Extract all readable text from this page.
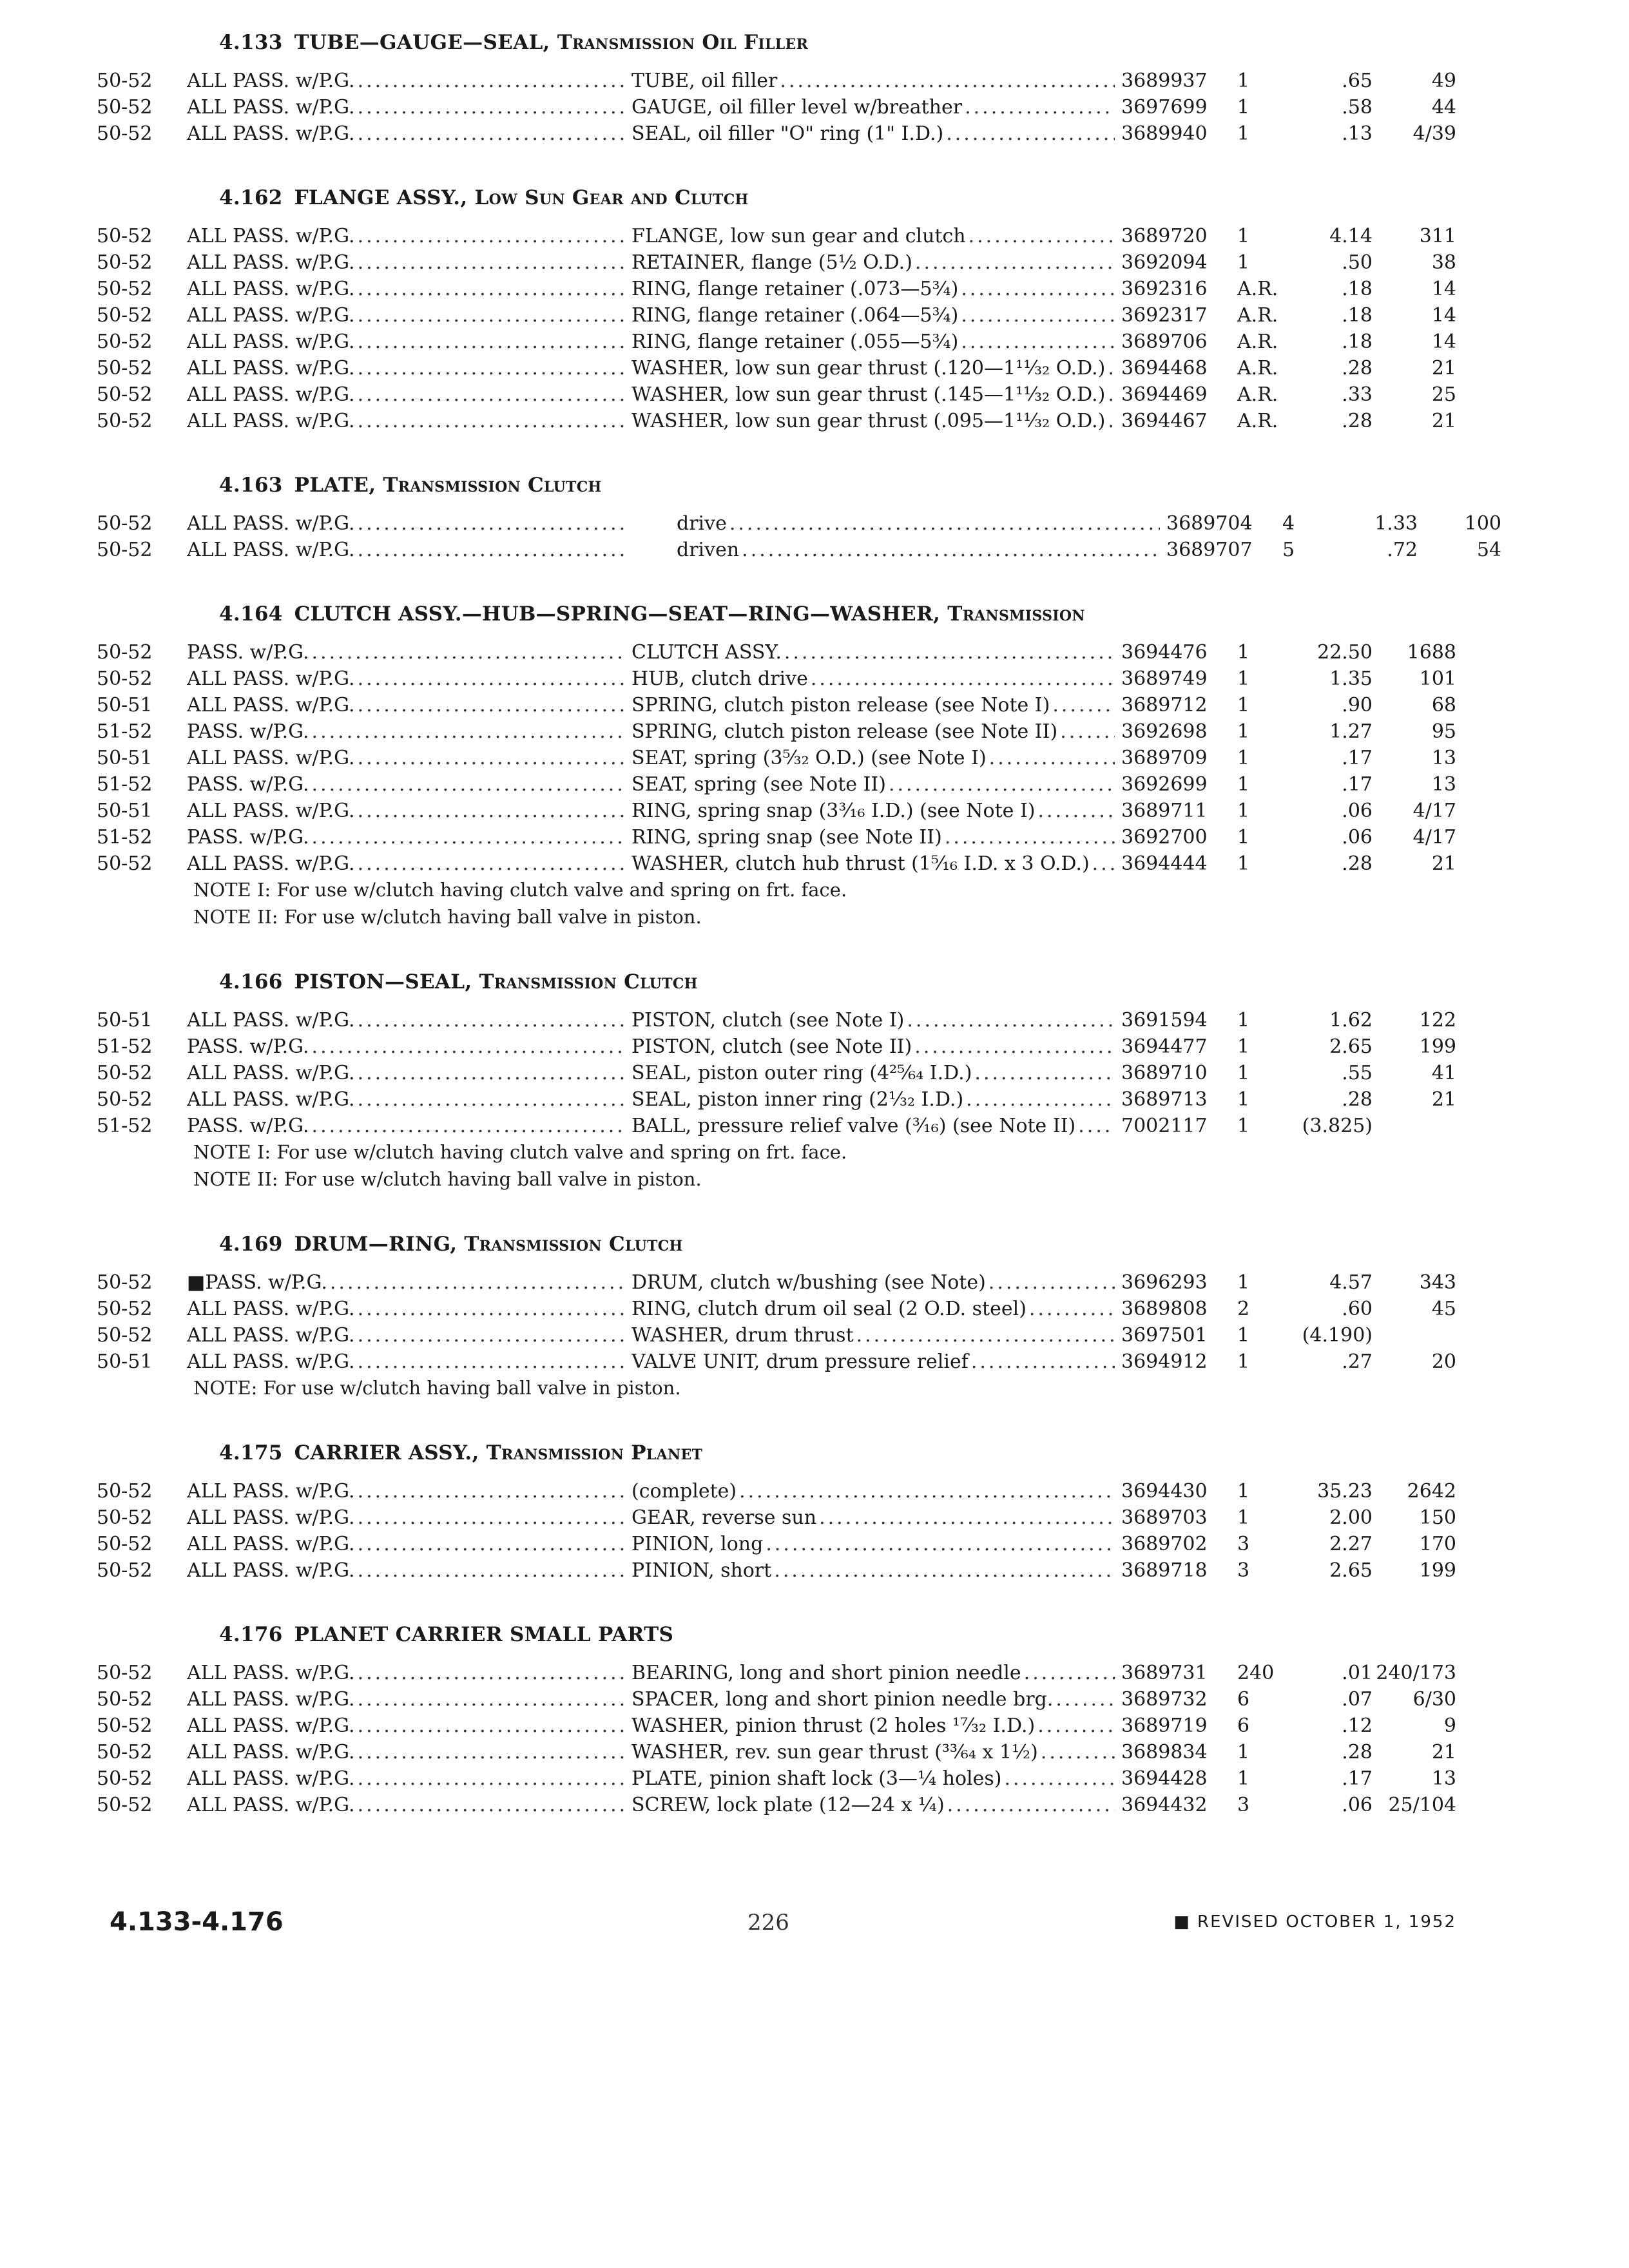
4.133 TUBE—GAUGE—SEAL, Transmission Oil Filler
50-52	ALL PASS. w/P.G. .....	TUBE, oil filler .....	3689937	1	.65	49
50-52	ALL PASS. w/P.G. .....	GAUGE, oil filler level w/breather .....	3697699	1	.58	44
50-52	ALL PASS. w/P.G. .....	SEAL, oil filler "O" ring (1" I.D.) .....	3689940	1	.13	4/39
4.162 FLANGE ASSY., Low Sun Gear and Clutch
50-52	ALL PASS. w/P.G. .....	FLANGE, low sun gear and clutch .....	3689720	1	4.14	311
50-52	ALL PASS. w/P.G. .....	RETAINER, flange (5½ O.D.) .....	3692094	1	.50	38
50-52	ALL PASS. w/P.G. .....	RING, flange retainer (.073—5¾) .....	3692316	A.R.	.18	14
50-52	ALL PASS. w/P.G. .....	RING, flange retainer (.064—5¾) .....	3692317	A.R.	.18	14
50-52	ALL PASS. w/P.G. .....	RING, flange retainer (.055—5¾) .....	3689706	A.R.	.18	14
50-52	ALL PASS. w/P.G. .....	WASHER, low sun gear thrust (.120—1¹¹⁄₃₂ O.D.) ..... 3694468	A.R.	.28	21
50-52	ALL PASS. w/P.G. .....	WASHER, low sun gear thrust (.145—1¹¹⁄₃₂ O.D.) ..... 3694469	A.R.	.33	25
50-52	ALL PASS. w/P.G. .....	WASHER, low sun gear thrust (.095—1¹¹⁄₃₂ O.D.) ..... 3694467	A.R.	.28	21
4.163 PLATE, Transmission Clutch
50-52	ALL PASS. w/P.G. .....	drive .....	3689704	4	1.33	100
50-52	ALL PASS. w/P.G. .....	driven .....	3689707	5	.72	54
4.164 CLUTCH ASSY.—HUB—SPRING—SEAT—RING—WASHER, Transmission
50-52	PASS. w/P.G. .....	CLUTCH ASSY. .....	3694476	1	22.50	1688
50-52	ALL PASS. w/P.G. .....	HUB, clutch drive .....	3689749	1	1.35	101
50-51	ALL PASS. w/P.G. .....	SPRING, clutch piston release (see Note I) .....	3689712	1	.90	68
51-52	PASS. w/P.G. .....	SPRING, clutch piston release (see Note II) .....	3692698	1	1.27	95
50-51	ALL PASS. w/P.G. .....	SEAT, spring (3⁵⁄₃₂ O.D.) (see Note I) .....	3689709	1	.17	13
51-52	PASS. w/P.G. .....	SEAT, spring (see Note II) .....	3692699	1	.17	13
50-51	ALL PASS. w/P.G. .....	RING, spring snap (3³⁄₁₆ I.D.) (see Note I) .....	3689711	1	.06	4/17
51-52	PASS. w/P.G. .....	RING, spring snap (see Note II) .....	3692700	1	.06	4/17
50-52	ALL PASS. w/P.G. .....	WASHER, clutch hub thrust (1⁵⁄₁₆ I.D. x 3 O.D.) ..... 3694444	1	.28	21
NOTE I: For use w/clutch having clutch valve and spring on frt. face.
NOTE II: For use w/clutch having ball valve in piston.
4.166 PISTON—SEAL, Transmission Clutch
50-51	ALL PASS. w/P.G. .....	PISTON, clutch (see Note I) .....	3691594	1	1.62	122
51-52	PASS. w/P.G. .....	PISTON, clutch (see Note II) .....	3694477	1	2.65	199
50-52	ALL PASS. w/P.G. .....	SEAL, piston outer ring (4²⁵⁄₆₄ I.D.) .....	3689710	1	.55	41
50-52	ALL PASS. w/P.G. .....	SEAL, piston inner ring (2¹⁄₃₂ I.D.) .....	3689713	1	.28	21
51-52	PASS. w/P.G. .....	BALL, pressure relief valve (³⁄₁₆) (see Note II) ..... 7002117	1	(3.825)
NOTE I: For use w/clutch having clutch valve and spring on frt. face.
NOTE II: For use w/clutch having ball valve in piston.
4.169 DRUM—RING, Transmission Clutch
50-52	■PASS. w/P.G. .....	DRUM, clutch w/bushing (see Note) .....	3696293	1	4.57	343
50-52	ALL PASS. w/P.G. .....	RING, clutch drum oil seal (2 O.D. steel) .....	3689808	2	.60	45
50-52	ALL PASS. w/P.G. .....	WASHER, drum thrust .....	3697501	1	(4.190)
50-51	ALL PASS. w/P.G. .....	VALVE UNIT, drum pressure relief .....	3694912	1	.27	20
NOTE: For use w/clutch having ball valve in piston.
4.175 CARRIER ASSY., Transmission Planet
50-52	ALL PASS. w/P.G. .....	(complete) .....	3694430	1	35.23	2642
50-52	ALL PASS. w/P.G. .....	GEAR, reverse sun .....	3689703	1	2.00	150
50-52	ALL PASS. w/P.G. .....	PINION, long .....	3689702	3	2.27	170
50-52	ALL PASS. w/P.G. .....	PINION, short .....	3689718	3	2.65	199
4.176 PLANET CARRIER SMALL PARTS
50-52	ALL PASS. w/P.G. .....	BEARING, long and short pinion needle .....	3689731	240	.01 240/173
50-52	ALL PASS. w/P.G. .....	SPACER, long and short pinion needle brg. .....	3689732	6	.07	6/30
50-52	ALL PASS. w/P.G. .....	WASHER, pinion thrust (2 holes ¹⁷⁄₃₂ I.D.) .....	3689719	6	.12	9
50-52	ALL PASS. w/P.G. .....	WASHER, rev. sun gear thrust (³³⁄₆₄ x 1½) .....	3689834	1	.28	21
50-52	ALL PASS. w/P.G. .....	PLATE, pinion shaft lock (3—¼ holes) .....	3694428	1	.17	13
50-52	ALL PASS. w/P.G. .....	SCREW, lock plate (12—24 x ¼) .....	3694432	3	.06 25/104
4.133-4.176	226	■ REVISED OCTOBER 1, 1952
